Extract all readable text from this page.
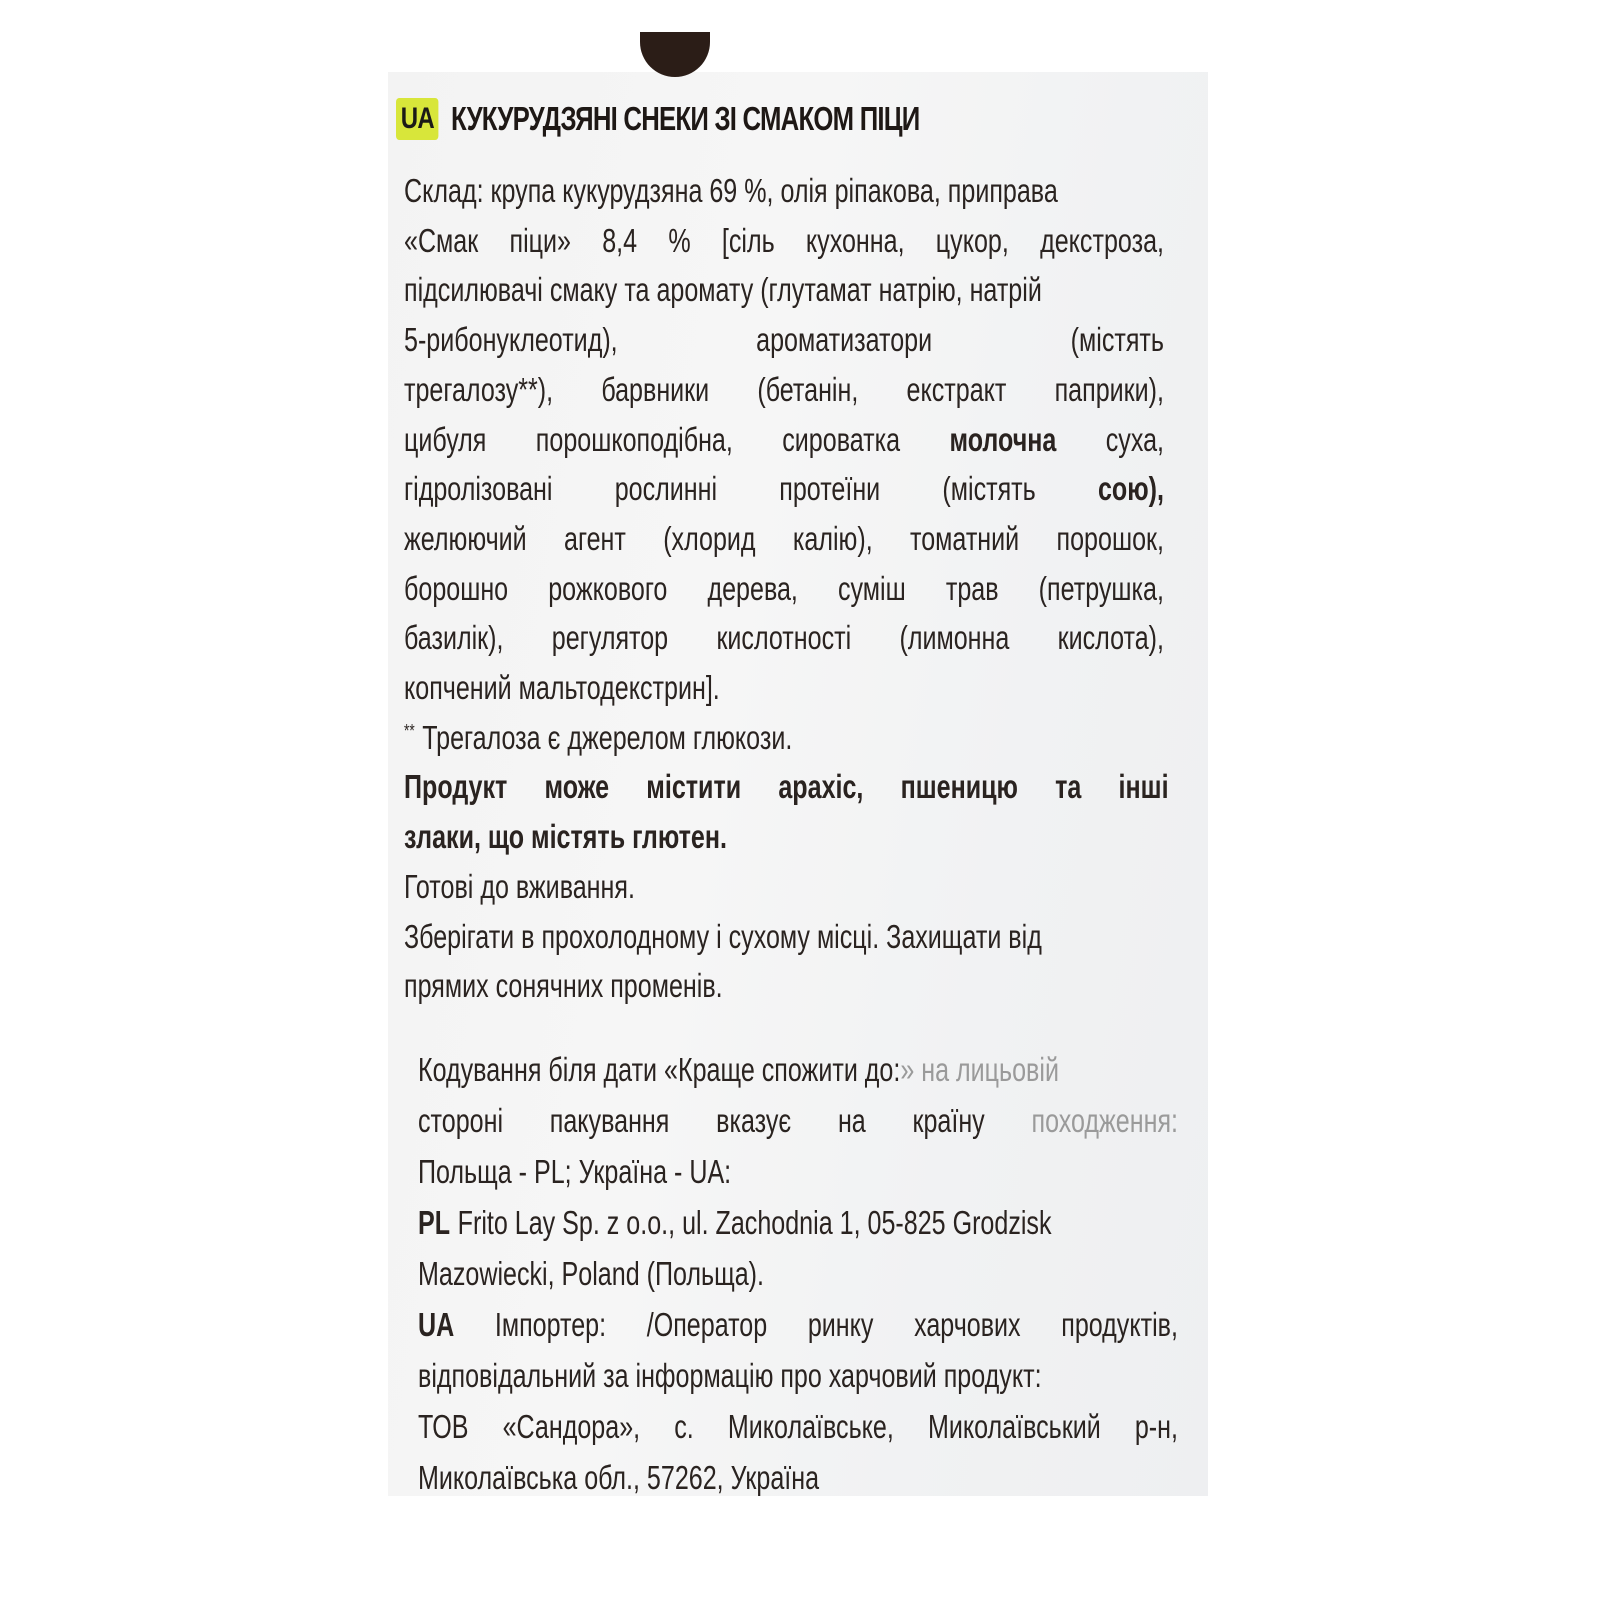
UA КУКУРУДЗЯНІ СНЕКИ ЗІ СМАКОМ ПІЦИ
Склад: крупа кукурудзяна 69 %, олія ріпакова, приправа
«Смак піци» 8,4 % [сіль кухонна, цукор, декстроза,
підсилювачі смаку та аромату (глутамат натрію, натрій
5-рибонуклеотид),	ароматизатори	(містять
трегалозу**), барвники (бетанін, екстракт паприки),
цибуля порошкоподібна, сироватка молочна суха,
гідролізовані рослинні протеїни (містять сою),
желюючий агент (хлорид калію), томатний порошок,
борошно рожкового дерева, суміш трав (петрушка,
базилік), регулятор кислотності (лимонна кислота),
копчений мальтодекстрин].
** Трегалоза є джерелом глюкози.
Продукт може містити арахіс, пшеницю та інші
злаки, що містять глютен.
Готові до вживання.
Зберігати в прохолодному і сухому місці. Захищати від
прямих сонячних променів.
Кодування біля дати «Краще спожити до: » на лицьовій
стороні пакування вказує на країну походження:
Польща - PL; Україна - UA:
PL Frito Lay Sp. z o.o., ul. Zachodnia 1, 05-825 Grodzisk
Mazowiecki, Poland (Польща).
UA Імпортер: /Оператор ринку харчових продуктів,
відповідальний за інформацію про харчовий продукт:
ТОВ «Сандора», с. Миколаївське, Миколаївський р-н,
Миколаївська обл., 57262, Україна
